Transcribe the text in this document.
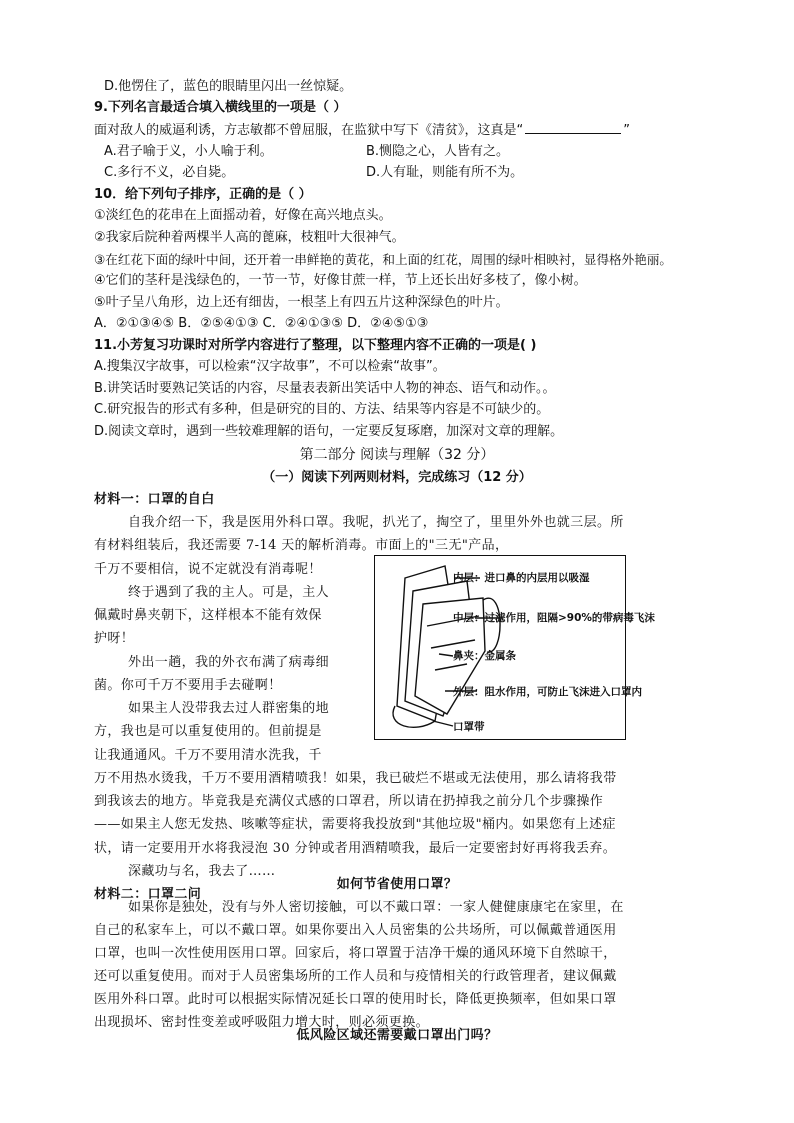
D.他愣住了，蓝色的眼睛里闪出一丝惊疑。
9.下列名言最适合填入横线里的一项是（ ）
面对敌人的威逼利诱，方志敏都不曾屈服，在监狱中写下《清贫》，这真是“	”
A.君子喻于义，小人喻于利。	B.恻隐之心，人皆有之。
C.多行不义，必自毙。	D.人有耻，则能有所不为。
10．给下列句子排序，正确的是（ ）
①淡红色的花串在上面摇动着，好像在高兴地点头。
②我家后院种着两棵半人高的蓖麻，枝粗叶大很神气。
③在红花下面的绿叶中间，还开着一串鲜艳的黄花，和上面的红花，周围的绿叶相映衬，显得格外艳丽。
④它们的茎秆是浅绿色的，一节一节，好像甘蔗一样，节上还长出好多枝了，像小树。
⑤叶子呈八角形，边上还有细齿，一根茎上有四五片这种深绿色的叶片。
A．②①③④⑤ B．②⑤④①③ C．②④①③⑤ D．②④⑤①③
11.小芳复习功课时对所学内容进行了整理，以下整理内容不正确的一项是( )
A.搜集汉字故事，可以检索“汉字故事”，不可以检索“故事”。
B.讲笑话时要熟记笑话的内容，尽量表表新出笑话中人物的神态、语气和动作。。
C.研究报告的形式有多种，但是研究的目的、方法、结果等内容是不可缺少的。
D.阅读文章时，遇到一些较难理解的语句，一定要反复琢磨，加深对文章的理解。
第二部分 阅读与理解（32 分）
（一）阅读下列两则材料，完成练习（12 分）
材料一：口罩的自白
自我介绍一下，我是医用外科口罩。我呢，扒光了，掏空了，里里外外也就三层。所
有材料组装后，我还需要 7-14 天的解析消毒。市面上的"三无"产品，
千万不要相信，说不定就没有消毒呢！
终于遇到了我的主人。可是，主人
佩戴时鼻夹朝下，这样根本不能有效保
护呀！
外出一趟，我的外衣布满了病毒细
菌。你可千万不要用手去碰啊！
如果主人没带我去过人群密集的地
方，我也是可以重复使用的。但前提是
让我通通风。千万不要用清水洗我，千
万不用热水烫我，千万不要用酒精喷我！如果，我已破烂不堪或无法使用，那么请将我带
到我该去的地方。毕竟我是充满仪式感的口罩君，所以请在扔掉我之前分几个步骤操作
——如果主人您无发热、咳嗽等症状，需要将我投放到"其他垃圾"桶内。如果您有上述症
状，请一定要用开水将我浸泡 30 分钟或者用酒精喷我，最后一定要密封好再将我丢弃。
深藏功与名，我去了……
内层：进口鼻的内层用以吸湿
中层：过滤作用，阻隔>90%的带病毒飞沫
鼻夹：金属条
外层：阻水作用，可防止飞沫进入口罩内
口罩带
材料二：口罩二问
如何节省使用口罩？
如果你是独处，没有与外人密切接触，可以不戴口罩：一家人健健康康宅在家里，在
自己的私家车上，可以不戴口罩。如果你要出入人员密集的公共场所，可以佩戴普通医用
口罩，也叫一次性使用医用口罩。回家后，将口罩置于洁净干燥的通风环境下自然晾干，
还可以重复使用。而对于人员密集场所的工作人员和与疫情相关的行政管理者，建议佩戴
医用外科口罩。此时可以根据实际情况延长口罩的使用时长，降低更换频率，但如果口罩
出现损坏、密封性变差或呼吸阻力增大时，则必须更换。
低风险区域还需要戴口罩出门吗？
